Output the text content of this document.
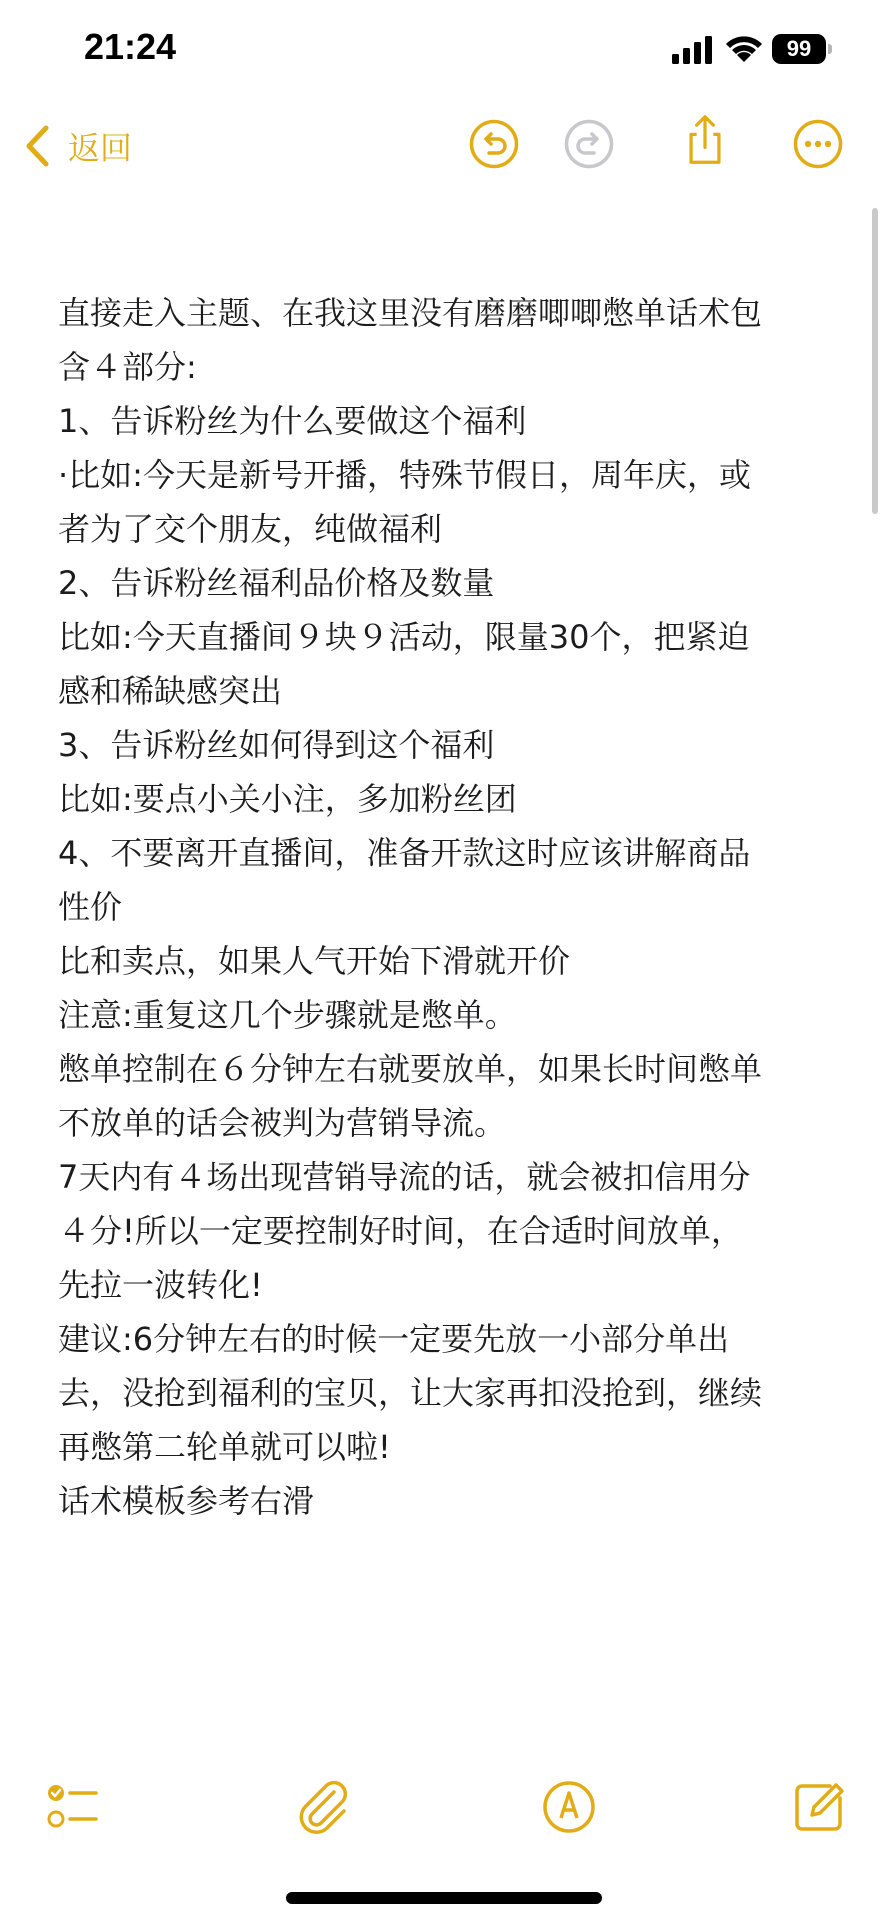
21:24	99
返回
直接走入主题、在我这里没有磨磨唧唧憋单话术包
含４部分:
1、告诉粉丝为什么要做这个福利
·比如:今天是新号开播，特殊节假日，周年庆，或
者为了交个朋友，纯做福利
2、告诉粉丝福利品价格及数量
比如:今天直播间９块９活动，限量30个，把紧迫
感和稀缺感突出
3、告诉粉丝如何得到这个福利
比如:要点小关小注，多加粉丝团
4、不要离开直播间，准备开款这时应该讲解商品
性价
比和卖点，如果人气开始下滑就开价
注意:重复这几个步骤就是憋单。
憋单控制在６分钟左右就要放单，如果长时间憋单
不放单的话会被判为营销导流。
7天内有４场出现营销导流的话，就会被扣信用分
４分!所以一定要控制好时间，在合适时间放单，
先拉一波转化!
建议:6分钟左右的时候一定要先放一小部分单出
去，没抢到福利的宝贝，让大家再扣没抢到，继续
再憋第二轮单就可以啦!
话术模板参考右滑
